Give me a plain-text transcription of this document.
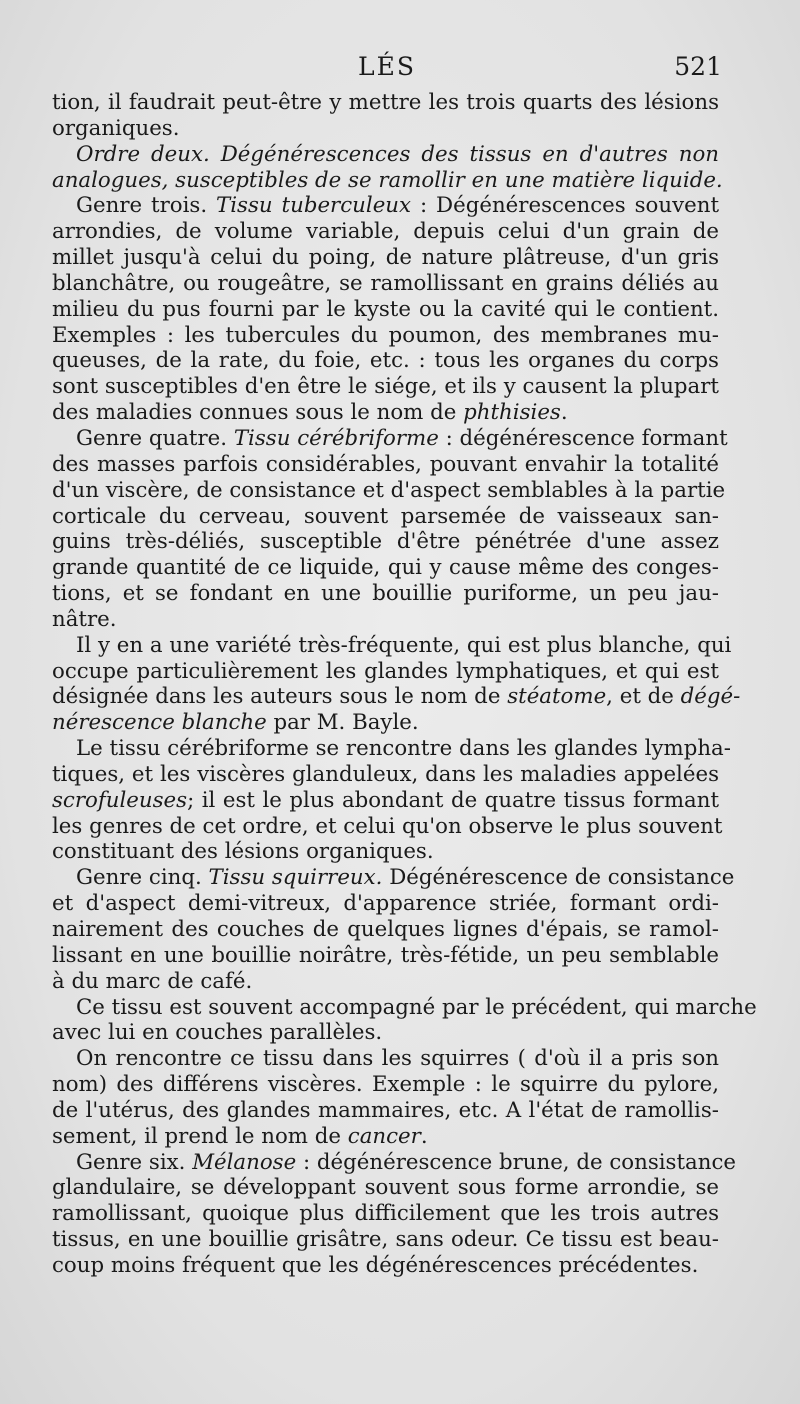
LÉS	521
tion, il faudrait peut-être y mettre les trois quarts des lésions
organiques.
Ordre deux. Dégénérescences des tissus en d'autres non
analogues, susceptibles de se ramollir en une matière liquide.
Genre trois. Tissu tuberculeux : Dégénérescences souvent
arrondies, de volume variable, depuis celui d'un grain de
millet jusqu'à celui du poing, de nature plâtreuse, d'un gris
blanchâtre, ou rougeâtre, se ramollissant en grains déliés au
milieu du pus fourni par le kyste ou la cavité qui le contient.
Exemples : les tubercules du poumon, des membranes mu-
queuses, de la rate, du foie, etc. : tous les organes du corps
sont susceptibles d'en être le siége, et ils y causent la plupart
des maladies connues sous le nom de phthisies.
Genre quatre. Tissu cérébriforme : dégénérescence formant
des masses parfois considérables, pouvant envahir la totalité
d'un viscère, de consistance et d'aspect semblables à la partie
corticale du cerveau, souvent parsemée de vaisseaux san-
guins très-déliés, susceptible d'être pénétrée d'une assez
grande quantité de ce liquide, qui y cause même des conges-
tions, et se fondant en une bouillie puriforme, un peu jau-
nâtre.
Il y en a une variété très-fréquente, qui est plus blanche, qui
occupe particulièrement les glandes lymphatiques, et qui est
désignée dans les auteurs sous le nom de stéatome, et de dégé-
nérescence blanche par M. Bayle.
Le tissu cérébriforme se rencontre dans les glandes lympha-
tiques, et les viscères glanduleux, dans les maladies appelées
scrofuleuses; il est le plus abondant de quatre tissus formant
les genres de cet ordre, et celui qu'on observe le plus souvent
constituant des lésions organiques.
Genre cinq. Tissu squirreux. Dégénérescence de consistance
et d'aspect demi-vitreux, d'apparence striée, formant ordi-
nairement des couches de quelques lignes d'épais, se ramol-
lissant en une bouillie noirâtre, très-fétide, un peu semblable
à du marc de café.
Ce tissu est souvent accompagné par le précédent, qui marche
avec lui en couches parallèles.
On rencontre ce tissu dans les squirres ( d'où il a pris son
nom) des différens viscères. Exemple : le squirre du pylore,
de l'utérus, des glandes mammaires, etc. A l'état de ramollis-
sement, il prend le nom de cancer.
Genre six. Mélanose : dégénérescence brune, de consistance
glandulaire, se développant souvent sous forme arrondie, se
ramollissant, quoique plus difficilement que les trois autres
tissus, en une bouillie grisâtre, sans odeur. Ce tissu est beau-
coup moins fréquent que les dégénérescences précédentes.
